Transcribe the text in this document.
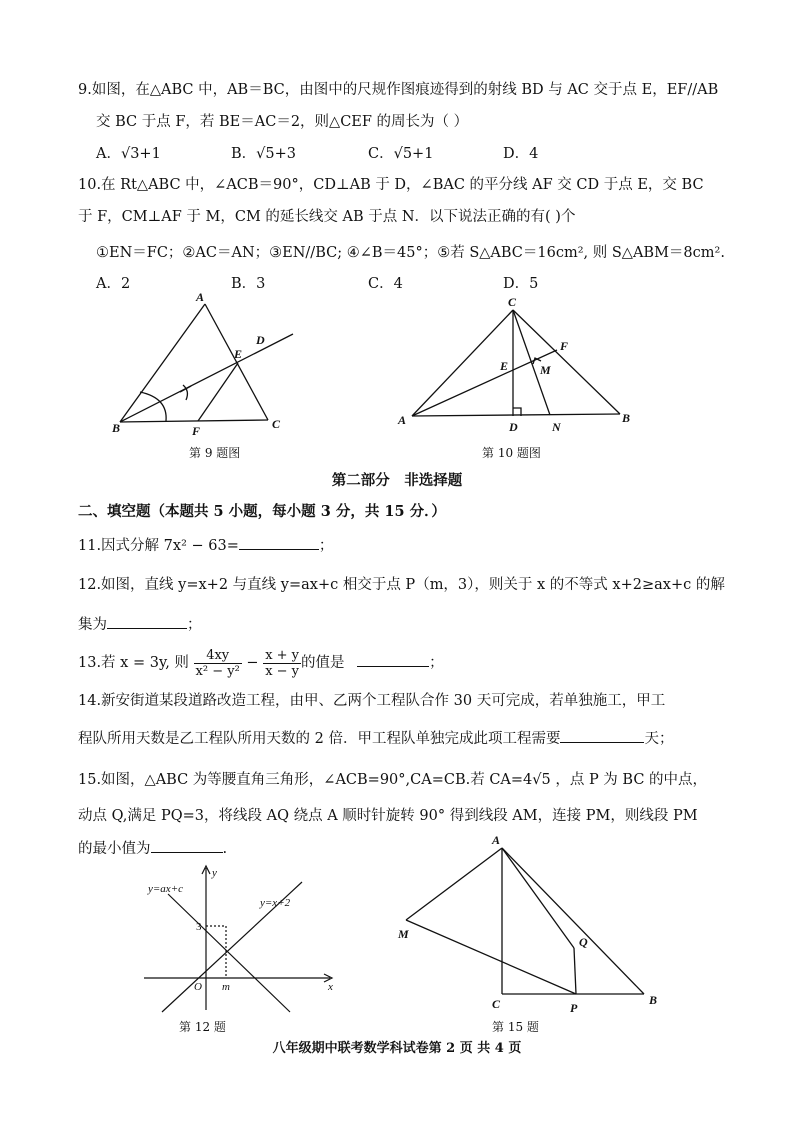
9.如图，在△ABC 中，AB＝BC，由图中的尺规作图痕迹得到的射线 BD 与 AC 交于点 E，EF//AB
交 BC 于点 F，若 BE＝AC＝2，则△CEF 的周长为（ ）
A．√3+1	B．√5+3	C．√5+1	D．4
10.在 Rt△ABC 中，∠ACB＝90°，CD⊥AB 于 D，∠BAC 的平分线 AF 交 CD 于点 E，交 BC
于 F，CM⊥AF 于 M，CM 的延长线交 AB 于点 N．以下说法正确的有( )个
①EN＝FC；②AC＝AN；③EN//BC; ④∠B＝45°；⑤若 S△ABC＝16cm², 则 S△ABM＝8cm².
A．2	B．3	C．4	D．5
A
B	C
D
E
F
第 9 题图
C
A	B
D
E
F
M
N
第 10 题图
第二部分　非选择题
二、填空题（本题共 5 小题，每小题 3 分，共 15 分．）
11.因式分解 7x² − 63=	；
12.如图，直线 y=x+2 与直线 y=ax+c 相交于点 P（m，3），则关于 x 的不等式 x+2≥ax+c 的解
集为	；
13.若 x = 3y, 则 $\frac{4xy}{\text{x² − y²}} - \frac{x + y}{x - y}$ 的值是	；
14.新安街道某段道路改造工程，由甲、乙两个工程队合作 30 天可完成，若单独施工，甲工
程队所用天数是乙工程队所用天数的 2 倍．甲工程队单独完成此项工程需要	天；
15.如图，△ABC 为等腰直角三角形，∠ACB=90°,CA=CB.若 CA=4√5 ，点 P 为 BC 的中点，
动点 Q,满足 PQ=3，将线段 AQ 绕点 A 顺时针旋转 90° 得到线段 AM，连接 PM，则线段 PM
的最小值为	.
y
x
O m
3
y=ax+c
y=x+2
第 12 题
A
M
Q
C	P
B
第 15 题
八年级期中联考数学科试卷第 2 页 共 4 页
